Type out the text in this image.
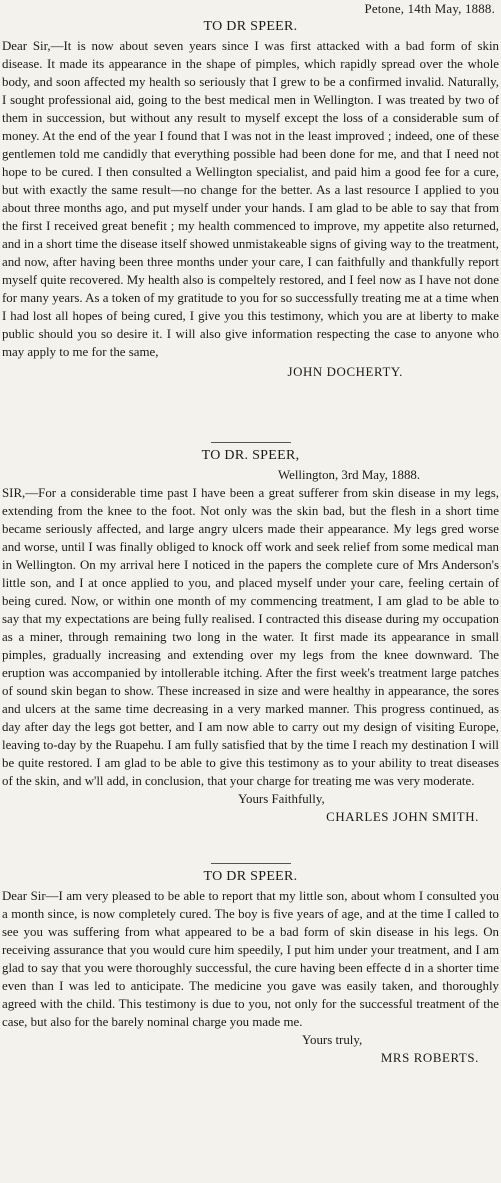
Petone, 14th May, 1888.
TO DR SPEER.

Dear Sir,—It is now about seven years since I was first attacked with a bad form of skin disease. It made its appearance in the shape of pimples, which rapidly spread over the whole body, and soon affected my health so seriously that I grew to be a confirmed invalid. Naturally, I sought professional aid, going to the best medical men in Wellington. I was treated by two of them in succession, but without any result to myself except the loss of a considerable sum of money. At the end of the year I found that I was not in the least improved ; indeed, one of these gentlemen told me candidly that everything possible had been done for me, and that I need not hope to be cured. I then consulted a Wellington specialist, and paid him a good fee for a cure, but with exactly the same result—no change for the better. As a last resource I applied to you about three months ago, and put myself under your hands. I am glad to be able to say that from the first I received great benefit ; my health commenced to improve, my appetite also returned, and in a short time the disease itself showed unmistakeable signs of giving way to the treatment, and now, after having been three months under your care, I can faithfully and thankfully report myself quite recovered. My health also is compeltely restored, and I feel now as I have not done for many years. As a token of my gratitude to you for so successfully treating me at a time when I had lost all hopes of being cured, I give you this testimony, which you are at liberty to make public should you so desire it. I will also give information respecting the case to anyone who may apply to me for the same,

JOHN DOCHERTY.
TO DR. SPEER,
Wellington, 3rd May, 1888.

SIR,—For a considerable time past I have been a great sufferer from skin disease in my legs, extending from the knee to the foot. Not only was the skin bad, but the flesh in a short time became seriously affected, and large angry ulcers made their appearance. My legs gred worse and worse, until I was finally obliged to knock off work and seek relief from some medical man in Wellington. On my arrival here I noticed in the papers the complete cure of Mrs Anderson's little son, and I at once applied to you, and placed myself under your care, feeling certain of being cured. Now, or within one month of my commencing treatment, I am glad to be able to say that my expectations are being fully realised. I contracted this disease during my occupation as a miner, through remaining two long in the water. It first made its appearance in small pimples, gradually increasing and extending over my legs from the knee downward. The eruption was accompanied by intollerable itching. After the first week's treatment large patches of sound skin began to show. These increased in size and were healthy in appearance, the sores and ulcers at the same time decreasing in a very marked manner. This progress continued, as day after day the legs got better, and I am now able to carry out my design of visiting Europe, leaving to-day by the Ruapehu. I am fully satisfied that by the time I reach my destination I will be quite restored. I am glad to be able to give this testimony as to your ability to treat diseases of the skin, and w'll add, in conclusion, that your charge for treating me was very moderate.

Yours Faithfully,
CHARLES JOHN SMITH.
TO DR SPEER.

Dear Sir—I am very pleased to be able to report that my little son, about whom I consulted you a month since, is now completely cured. The boy is five years of age, and at the time I called to see you was suffering from what appeared to be a bad form of skin disease in his legs. On receiving assurance that you would cure him speedily, I put him under your treatment, and I am glad to say that you were thoroughly successful, the cure having been effecte d in a shorter time even than I was led to anticipate. The medicine you gave was easily taken, and thoroughly agreed with the child. This testimony is due to you, not only for the successful treatment of the case, but also for the barely nominal charge you made me.

Yours truly,
MRS ROBERTS.
